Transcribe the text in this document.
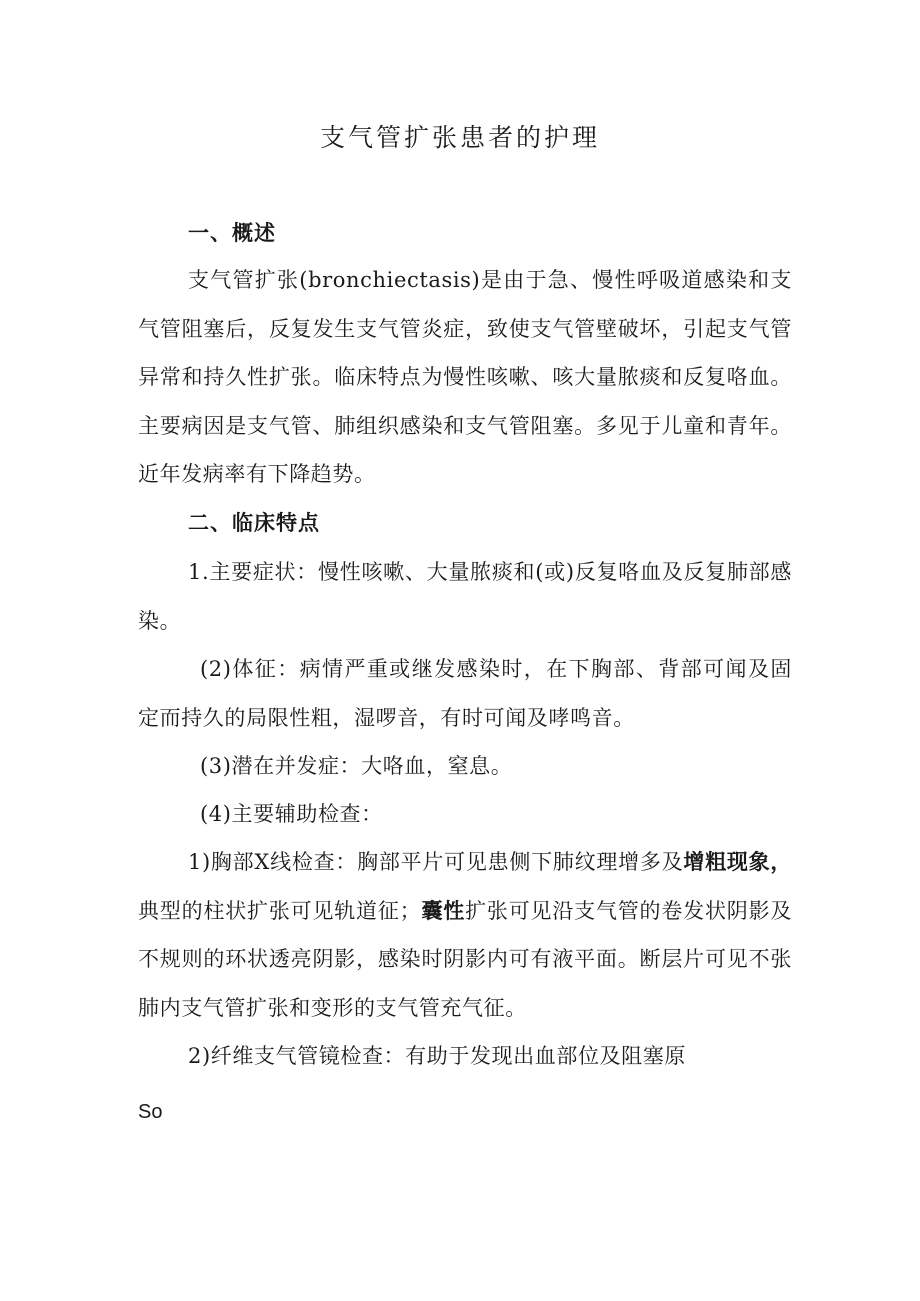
支气管扩张患者的护理
一、概述
支气管扩张(bronchiectasis)是由于急、慢性呼吸道感染和支气管阻塞后，反复发生支气管炎症，致使支气管壁破坏，引起支气管异常和持久性扩张。临床特点为慢性咳嗽、咳大量脓痰和反复咯血。主要病因是支气管、肺组织感染和支气管阻塞。多见于儿童和青年。近年发病率有下降趋势。
二、临床特点
1.主要症状：慢性咳嗽、大量脓痰和(或)反复咯血及反复肺部感染。
(2)体征：病情严重或继发感染时，在下胸部、背部可闻及固定而持久的局限性粗，湿啰音，有时可闻及哮鸣音。
(3)潜在并发症：大咯血，窒息。
(4)主要辅助检查：
1)胸部X线检查：胸部平片可见患侧下肺纹理增多及增粗现象，典型的柱状扩张可见轨道征；囊性扩张可见沿支气管的卷发状阴影及不规则的环状透亮阴影，感染时阴影内可有液平面。断层片可见不张肺内支气管扩张和变形的支气管充气征。
2)纤维支气管镜检查：有助于发现出血部位及阻塞原
So
